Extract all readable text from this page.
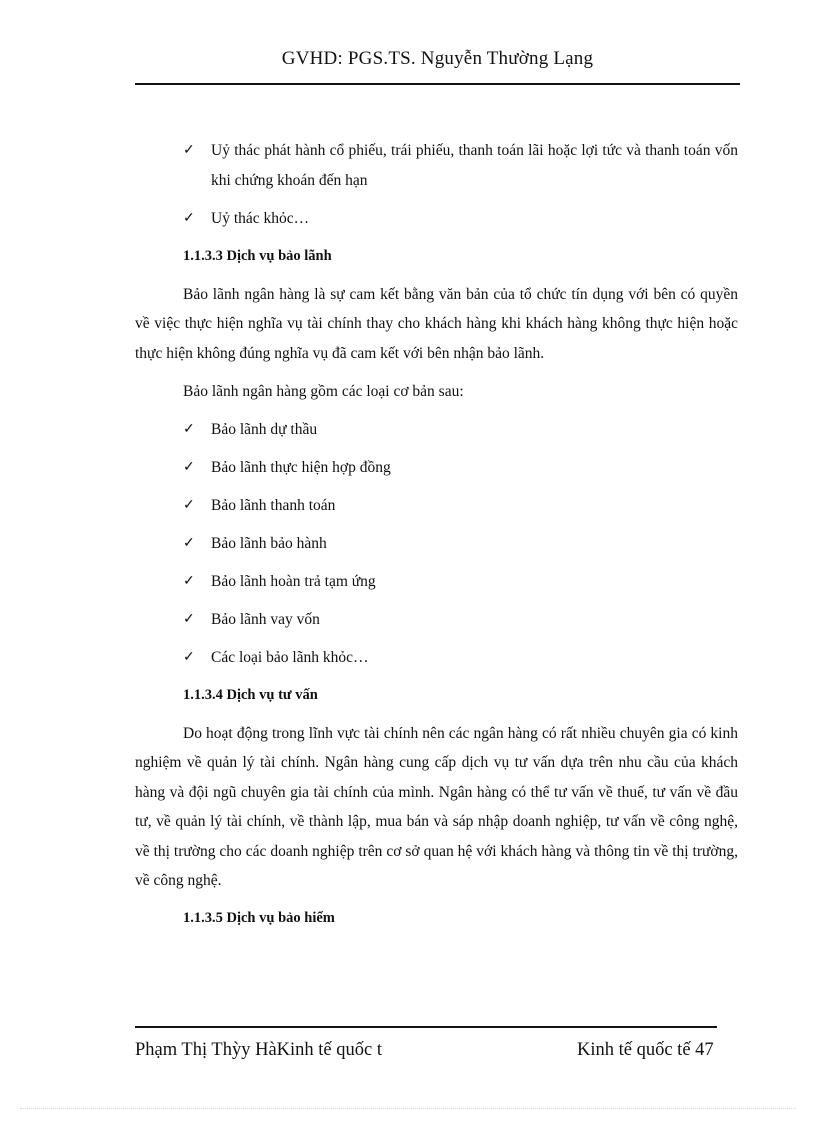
GVHD: PGS.TS. Nguyễn Thường Lạng
✓ Uỷ thác phát hành cổ phiếu, trái phiếu, thanh toán lãi hoặc lợi tức và thanh toán vốn khi chứng khoán đến hạn
✓ Uỷ thác khỏc…
1.1.3.3 Dịch vụ bảo lãnh
Bảo lãnh ngân hàng là sự cam kết bằng văn bản của tổ chức tín dụng với bên có quyền về việc thực hiện nghĩa vụ tài chính thay cho khách hàng khi khách hàng không thực hiện hoặc thực hiện không đúng nghĩa vụ đã cam kết với bên nhận bảo lãnh.
Bảo lãnh ngân hàng gồm các loại cơ bản sau:
✓ Bảo lãnh dự thầu
✓ Bảo lãnh thực hiện hợp đồng
✓ Bảo lãnh thanh toán
✓ Bảo lãnh bảo hành
✓ Bảo lãnh hoàn trả tạm ứng
✓ Bảo lãnh vay vốn
✓ Các loại bảo lãnh khỏc…
1.1.3.4 Dịch vụ tư vấn
Do hoạt động trong lĩnh vực tài chính nên các ngân hàng có rất nhiều chuyên gia có kinh nghiệm về quản lý tài chính. Ngân hàng cung cấp dịch vụ tư vấn dựa trên nhu cầu của khách hàng và đội ngũ chuyên gia tài chính của mình. Ngân hàng có thể tư vấn về thuế, tư vấn về đầu tư, về quản lý tài chính, về thành lập, mua bán và sáp nhập doanh nghiệp, tư vấn về công nghệ, về thị trường cho các doanh nghiệp trên cơ sở quan hệ với khách hàng và thông tin về thị trường, về công nghệ.
1.1.3.5 Dịch vụ bảo hiểm
Phạm Thị Thỳy HàKinh tế quốc t	Kinh tế quốc tế 47
